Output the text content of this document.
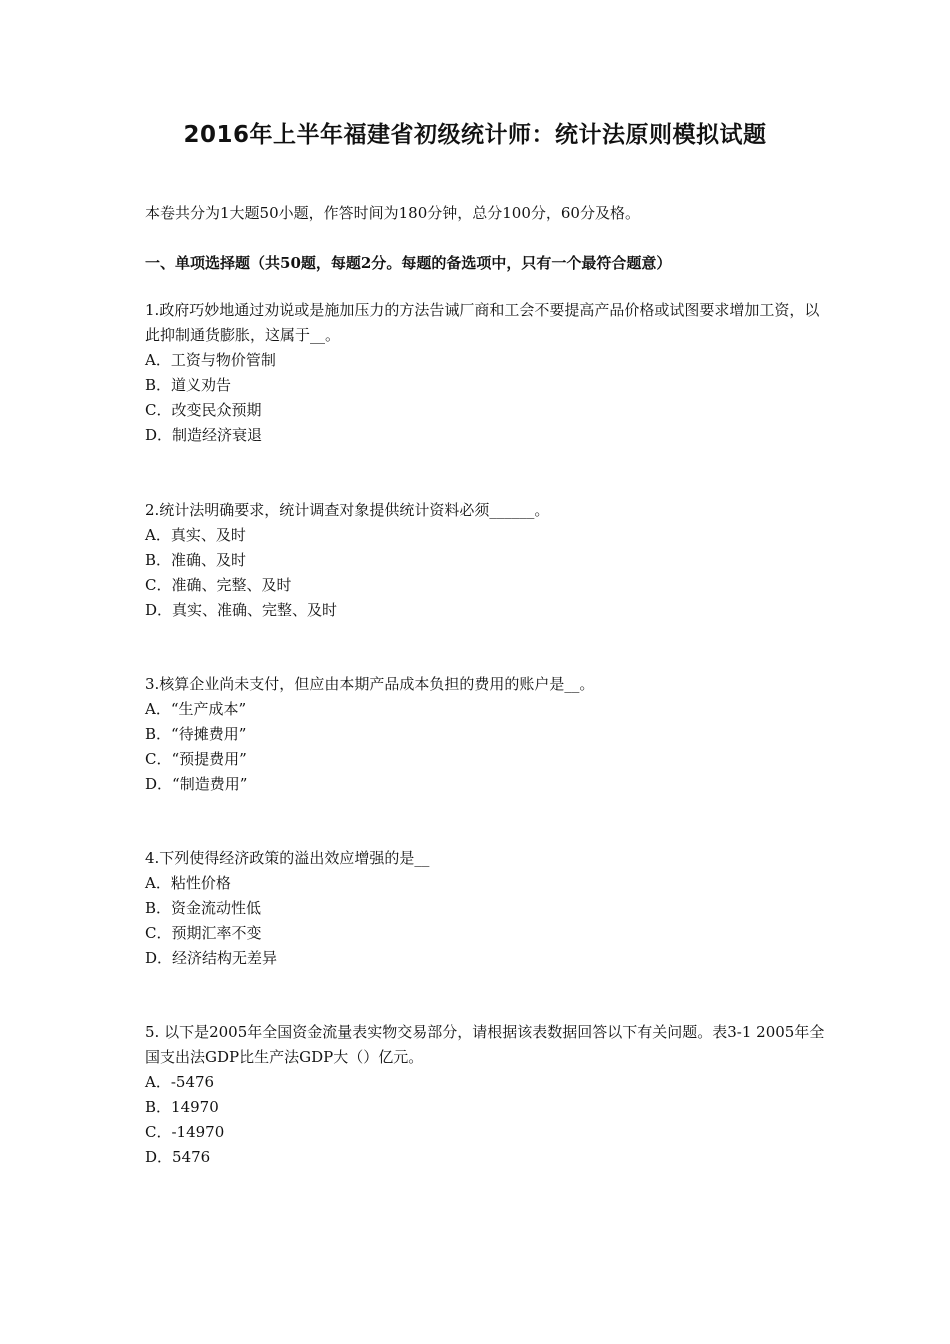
2016年上半年福建省初级统计师：统计法原则模拟试题
本卷共分为1大题50小题，作答时间为180分钟，总分100分，60分及格。
一、单项选择题（共50题，每题2分。每题的备选项中，只有一个最符合题意）

1.政府巧妙地通过劝说或是施加压力的方法告诫厂商和工会不要提高产品价格或试图要求增加工资，以此抑制通货膨胀，这属于__。

A．工资与物价管制
B．道义劝告
C．改变民众预期
D．制造经济衰退

2.统计法明确要求，统计调查对象提供统计资料必须______。

A．真实、及时
B．准确、及时
C．准确、完整、及时
D．真实、准确、完整、及时

3.核算企业尚未支付，但应由本期产品成本负担的费用的账户是__。

A．“生产成本”
B．“待摊费用”
C．“预提费用”
D．“制造费用”

4.下列使得经济政策的溢出效应增强的是__

A．粘性价格
B．资金流动性低
C．预期汇率不变
D．经济结构无差异

5. 以下是2005年全国资金流量表实物交易部分，请根据该表数据回答以下有关问题。表3-1 2005年全国支出法GDP比生产法GDP大（）亿元。

A．-5476
B．14970
C．-14970
D．5476
